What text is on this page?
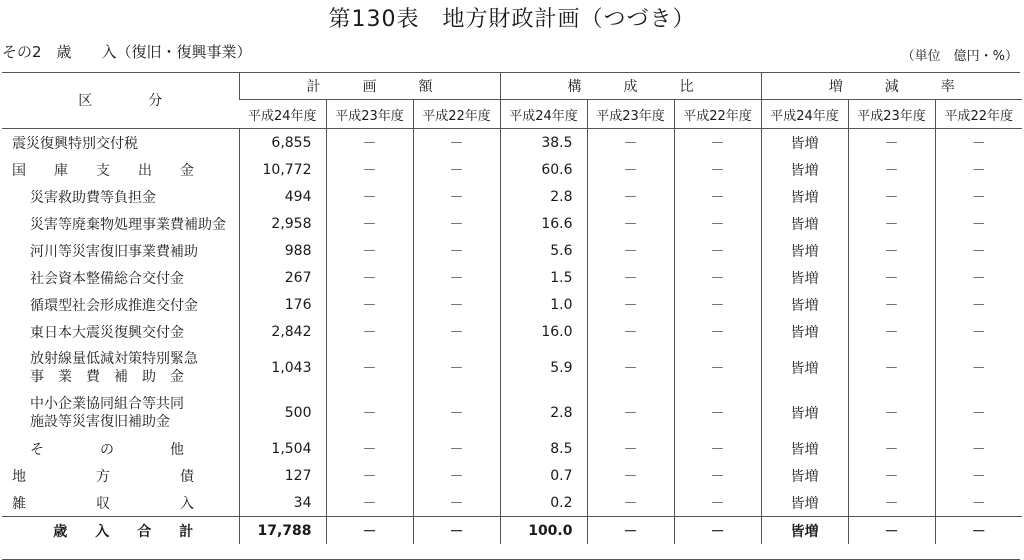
第130表　地方財政計画（つづき）
その2　歳　　入（復旧・復興事業）	（単位　億円・%）
区　　　　分	計　　　画　　　額			構　　　成　　　比			増　　　減　　　率		
	平成24年度	平成23年度	平成22年度	平成24年度	平成23年度	平成22年度	平成24年度	平成23年度	平成22年度
震災復興特別交付税	6,855	－	－	38.5	－	－	皆増	－	－
国　　庫　　支　　出　　金	10,772	－	－	60.6	－	－	皆増	－	－
災害救助費等負担金	494	－	－	2.8	－	－	皆増	－	－
災害等廃棄物処理事業費補助金	2,958	－	－	16.6	－	－	皆増	－	－
河川等災害復旧事業費補助	988	－	－	5.6	－	－	皆増	－	－
社会資本整備総合交付金	267	－	－	1.5	－	－	皆増	－	－
循環型社会形成推進交付金	176	－	－	1.0	－	－	皆増	－	－
東日本大震災復興交付金	2,842	－	－	16.0	－	－	皆増	－	－

放射線量低減対策特別緊急
事　業　費　補　助　金	1,043	－	－	5.9	－	－	皆増	－	－

中小企業協同組合等共同
施設等災害復旧補助金	500	－	－	2.8	－	－	皆増	－	－
そ　　　　の　　　　他	1,504	－	－	8.5	－	－	皆増	－	－
地　　　　　方　　　　　債	127	－	－	0.7	－	－	皆増	－	－
雑　　　　　収　　　　　入	34	－	－	0.2	－	－	皆増	－	－
歳　　入　　合　　計	17,788	－	－	100.0	－	－	皆増	－	－
